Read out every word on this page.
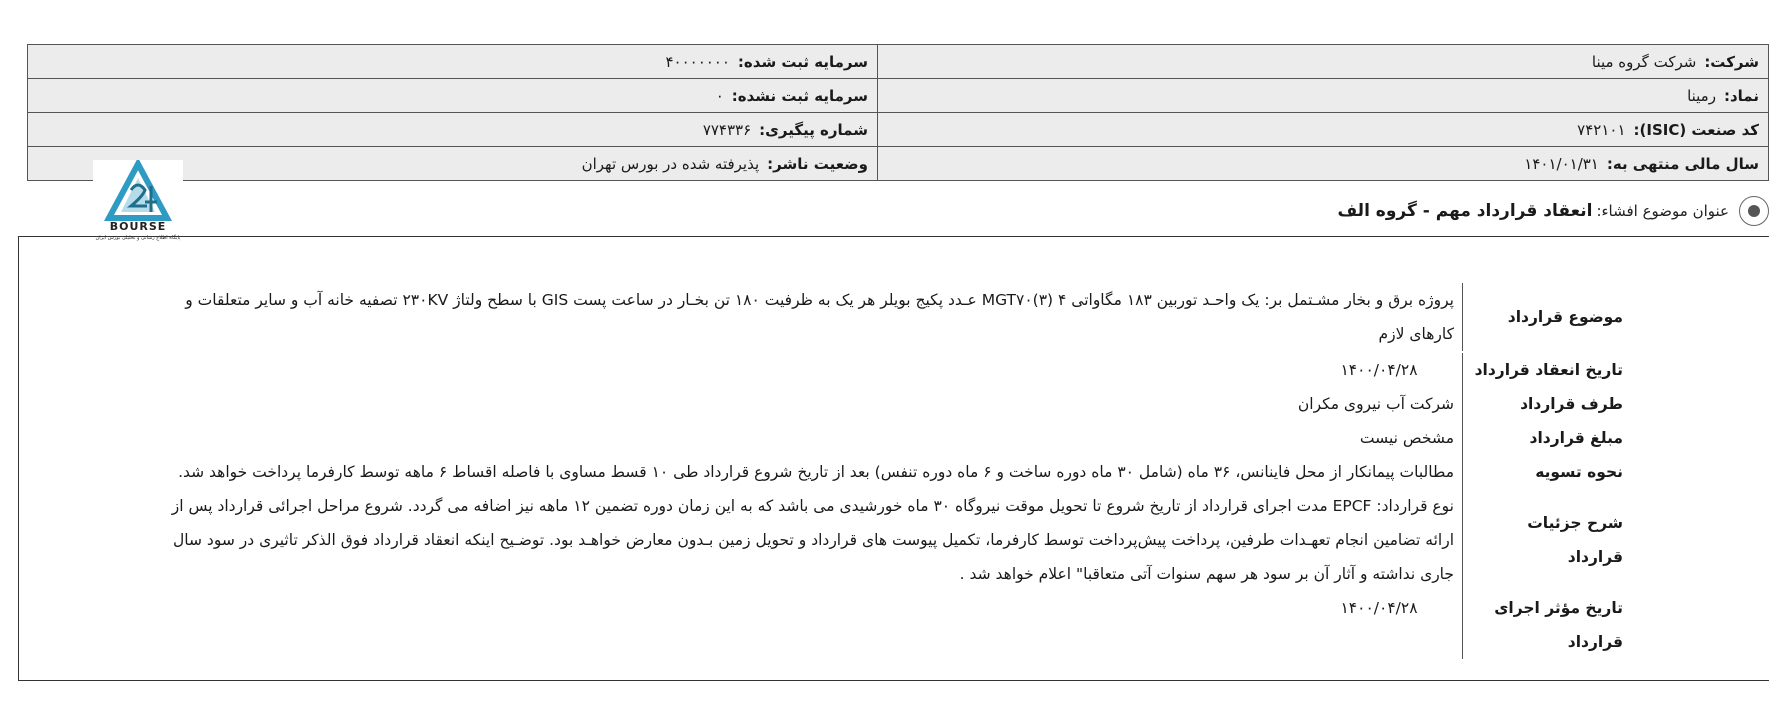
شرکت:شرکت گروه مینا	سرمایه ثبت شده:۴۰۰۰۰۰۰۰
نماد:رمینا	سرمایه ثبت نشده:۰
کد صنعت (ISIC):۷۴۲۱۰۱	شماره پیگیری:۷۷۴۳۳۶
سال مالی منتهی به:۱۴۰۱/۰۱/۳۱	وضعیت ناشر:پذیرفته شده در بورس تهران
BOURSE
پایگاه اطلاع رسانی و تحلیلی بورس ایران
عنوان موضوع افشاء:
انعقاد قرارداد مهم - گروه الف
موضوع قرارداد
پروژه برق و بخار مشـتمل بر: یک واحـد توربین ۱۸۳ مگاواتی ۴ (۳)MGT۷۰ عـدد پکیج بویلر هر یک به ظرفیت ۱۸۰ تن بخـار در ساعت پست GIS با سطح ولتاژ ۲۳۰KV تصفیه خانه آب و سایر متعلقات و کارهای لازم
تاریخ انعقاد قرارداد
۱۴۰۰/۰۴/۲۸
طرف قرارداد
شرکت آب نیروی مکران
مبلغ قرارداد
مشخص نیست
نحوه تسویه
مطالبات پیمانکار از محل فاینانس، ۳۶ ماه (شامل ۳۰ ماه دوره ساخت و ۶ ماه دوره تنفس) بعد از تاریخ شروع قرارداد طی ۱۰ قسط مساوی با فاصله اقساط ۶ ماهه توسط کارفرما پرداخت خواهد شد.
شرح جزئیات قرارداد
نوع قرارداد: EPCF مدت اجرای قرارداد از تاریخ شروع تا تحویل موقت نیروگاه ۳۰ ماه خورشیدی می باشد که به این زمان دوره تضمین ۱۲ ماهه نیز اضافه می گردد. شروع مراحل اجرائی قرارداد پس از ارائه تضامین انجام تعهـدات طرفین، پرداخت پیش‌پرداخت توسط کارفرما، تکمیل پیوست های قرارداد و تحویل زمین بـدون معارض خواهـد بود. توضـیح اینکه انعقاد قرارداد فوق الذکر تاثیری در سود سال جاری نداشته و آثار آن بر سود هر سهم سنوات آتی متعاقبا" اعلام خواهد شد .
تاریخ مؤثر اجرای قرارداد
۱۴۰۰/۰۴/۲۸
